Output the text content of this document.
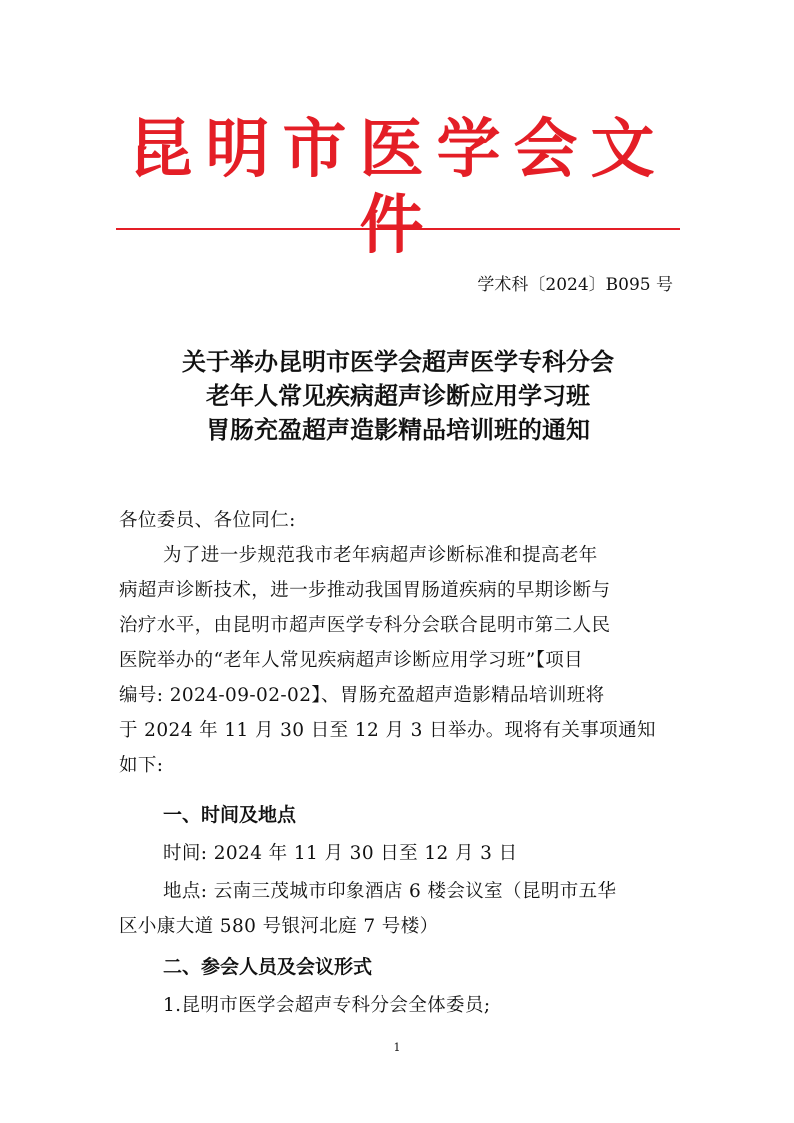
昆明市医学会文件
学术科〔2024〕B095 号
关于举办昆明市医学会超声医学专科分会
老年人常见疾病超声诊断应用学习班
胃肠充盈超声造影精品培训班的通知
各位委员、各位同仁:
为了进一步规范我市老年病超声诊断标准和提高老年
病超声诊断技术，进一步推动我国胃肠道疾病的早期诊断与
治疗水平，由昆明市超声医学专科分会联合昆明市第二人民
医院举办的“老年人常见疾病超声诊断应用学习班”【项目
编号: 2024-09-02-02】、胃肠充盈超声造影精品培训班将
于 2024 年 11 月 30 日至 12 月 3 日举办。现将有关事项通知
如下:
一、时间及地点
时间: 2024 年 11 月 30 日至 12 月 3 日
地点: 云南三茂城市印象酒店 6 楼会议室（昆明市五华
区小康大道 580 号银河北庭 7 号楼）
二、参会人员及会议形式
1.昆明市医学会超声专科分会全体委员;
1
